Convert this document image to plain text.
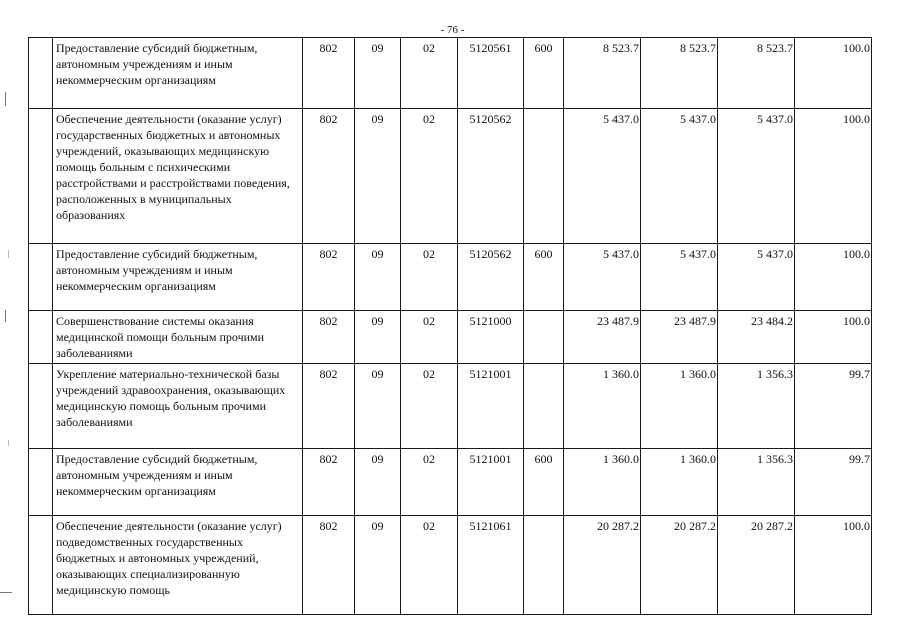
- 76 -
	Предоставление субсидий бюджетным, автономным учреждениям и иным некоммерческим организациям	802	09	02	5120561	600	8 523.7	8 523.7	8 523.7	100.0
	Обеспечение деятельности (оказание услуг) государственных бюджетных и автономных учреждений, оказывающих медицинскую помощь больным с психическими расстройствами и расстройствами поведения, расположенных в муниципальных образованиях	802	09	02	5120562		5 437.0	5 437.0	5 437.0	100.0
	Предоставление субсидий бюджетным, автономным учреждениям и иным некоммерческим организациям	802	09	02	5120562	600	5 437.0	5 437.0	5 437.0	100.0
	Совершенствование системы оказания медицинской помощи больным прочими заболеваниями	802	09	02	5121000		23 487.9	23 487.9	23 484.2	100.0
	Укрепление материально-технической базы учреждений здравоохранения, оказывающих медицинскую помощь больным прочими заболеваниями	802	09	02	5121001		1 360.0	1 360.0	1 356.3	99.7
	Предоставление субсидий бюджетным, автономным учреждениям и иным некоммерческим организациям	802	09	02	5121001	600	1 360.0	1 360.0	1 356.3	99.7
	Обеспечение деятельности (оказание услуг) подведомственных государственных бюджетных и автономных учреждений, оказывающих специализированную медицинскую помощь	802	09	02	5121061		20 287.2	20 287.2	20 287.2	100.0
